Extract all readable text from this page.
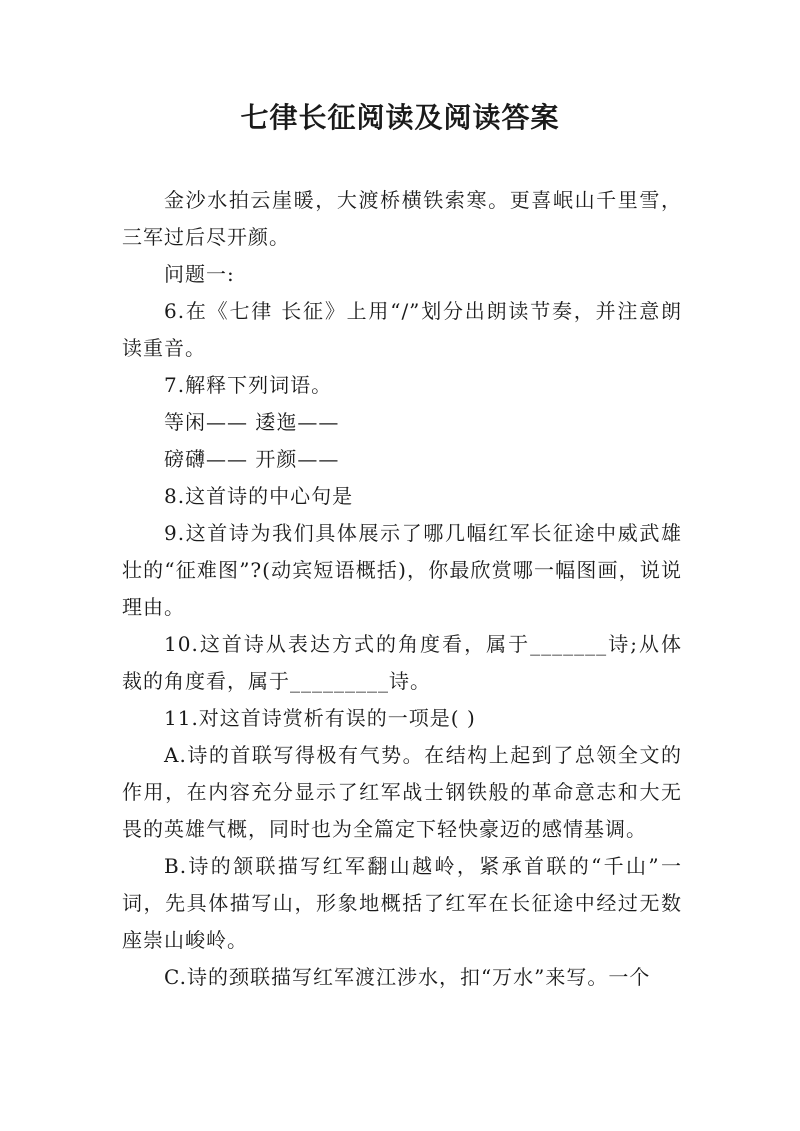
七律长征阅读及阅读答案

金沙水拍云崖暖，大渡桥横铁索寒。更喜岷山千里雪，三军过后尽开颜。

问题一:

6.在《七律 长征》上用“/”划分出朗读节奏，并注意朗读重音。

7.解释下列词语。

等闲—— 逶迤——

磅礴—— 开颜——

8.这首诗的中心句是

9.这首诗为我们具体展示了哪几幅红军长征途中威武雄壮的“征难图”?(动宾短语概括)，你最欣赏哪一幅图画，说说理由。

10.这首诗从表达方式的角度看，属于_______诗;从体裁的角度看，属于_________诗。

11.对这首诗赏析有误的一项是( )

A.诗的首联写得极有气势。在结构上起到了总领全文的作用，在内容充分显示了红军战士钢铁般的革命意志和大无畏的英雄气概，同时也为全篇定下轻快豪迈的感情基调。

B.诗的颔联描写红军翻山越岭，紧承首联的“千山”一词，先具体描写山，形象地概括了红军在长征途中经过无数座崇山峻岭。

C.诗的颈联描写红军渡江涉水，扣“万水”来写。一个
